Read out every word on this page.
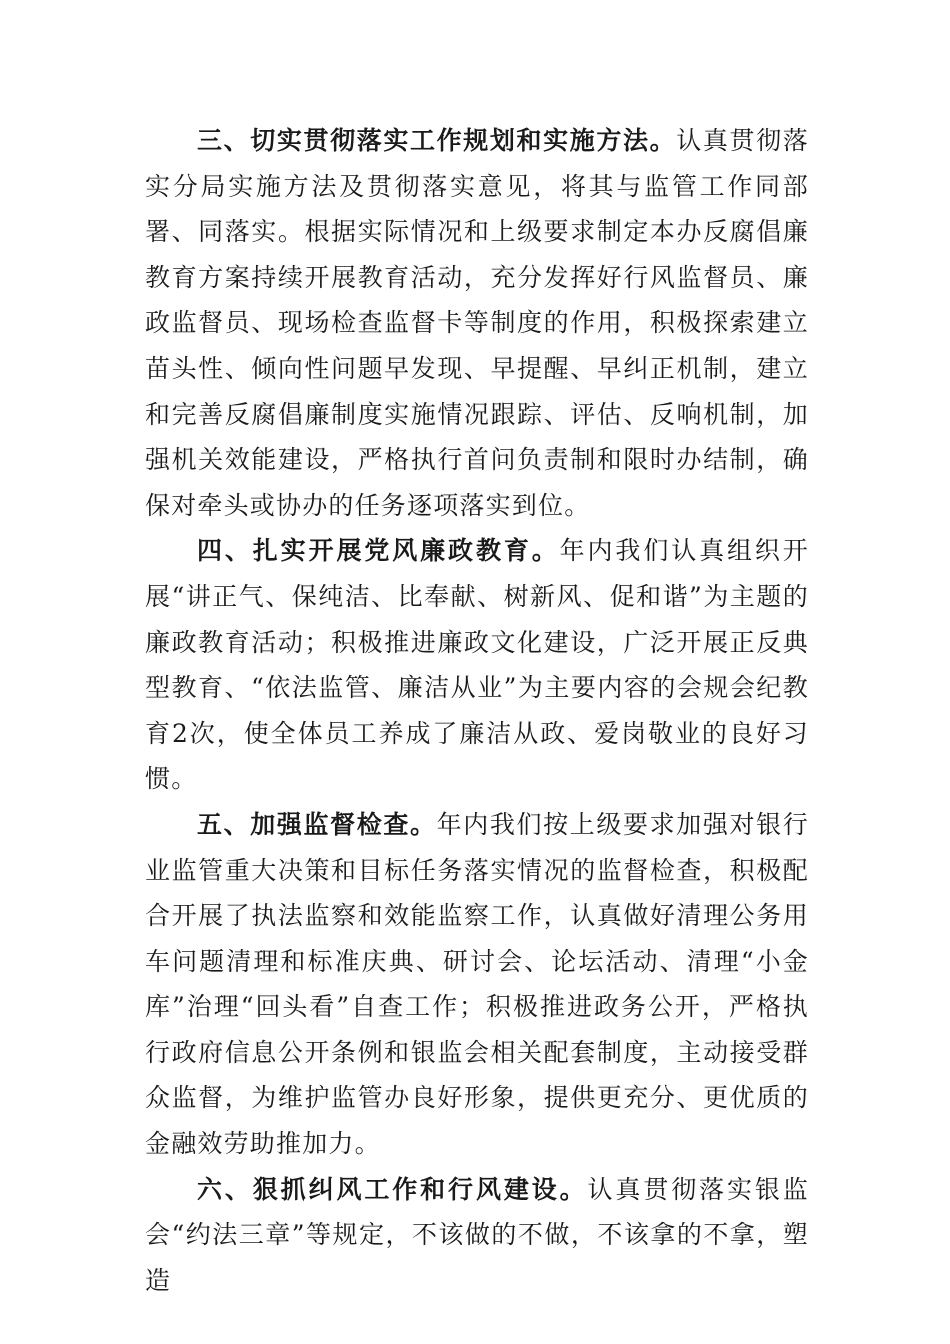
三、切实贯彻落实工作规划和实施方法。认真贯彻落实分局实施方法及贯彻落实意见，将其与监管工作同部署、同落实。根据实际情况和上级要求制定本办反腐倡廉教育方案持续开展教育活动，充分发挥好行风监督员、廉政监督员、现场检查监督卡等制度的作用，积极探索建立苗头性、倾向性问题早发现、早提醒、早纠正机制，建立和完善反腐倡廉制度实施情况跟踪、评估、反响机制，加强机关效能建设，严格执行首问负责制和限时办结制，确保对牵头或协办的任务逐项落实到位。

四、扎实开展党风廉政教育。年内我们认真组织开展“讲正气、保纯洁、比奉献、树新风、促和谐”为主题的廉政教育活动；积极推进廉政文化建设，广泛开展正反典型教育、“依法监管、廉洁从业”为主要内容的会规会纪教育2次，使全体员工养成了廉洁从政、爱岗敬业的良好习惯。

五、加强监督检查。年内我们按上级要求加强对银行业监管重大决策和目标任务落实情况的监督检查，积极配合开展了执法监察和效能监察工作，认真做好清理公务用车问题清理和标准庆典、研讨会、论坛活动、清理“小金库”治理“回头看”自查工作；积极推进政务公开，严格执行政府信息公开条例和银监会相关配套制度，主动接受群众监督，为维护监管办良好形象，提供更充分、更优质的金融效劳助推加力。

六、狠抓纠风工作和行风建设。认真贯彻落实银监会“约法三章”等规定，不该做的不做，不该拿的不拿，塑造
